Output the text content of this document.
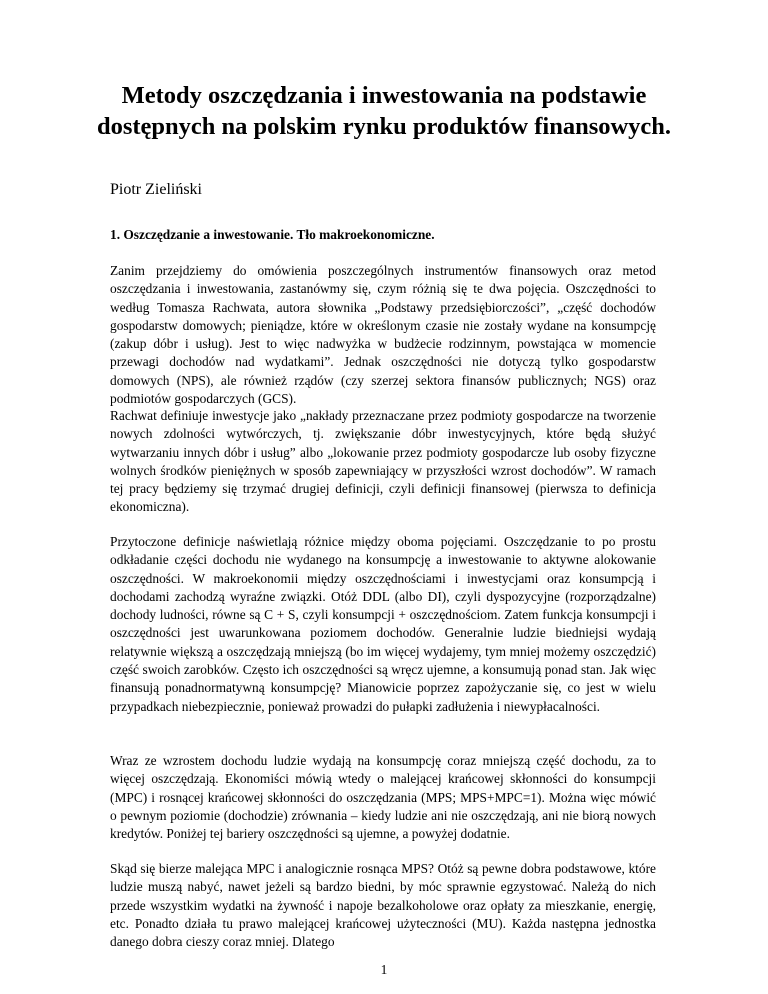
Metody oszczędzania i inwestowania na podstawie dostępnych na polskim rynku produktów finansowych.
Piotr Zieliński
1. Oszczędzanie a inwestowanie. Tło makroekonomiczne.

Zanim przejdziemy do omówienia poszczególnych instrumentów finansowych oraz metod oszczędzania i inwestowania, zastanówmy się, czym różnią się te dwa pojęcia. Oszczędności to według Tomasza Rachwata, autora słownika „Podstawy przedsiębiorczości”, „część dochodów gospodarstw domowych; pieniądze, które w określonym czasie nie zostały wydane na konsumpcję (zakup dóbr i usług). Jest to więc nadwyżka w budżecie rodzinnym, powstająca w momencie przewagi dochodów nad wydatkami”. Jednak oszczędności nie dotyczą tylko gospodarstw domowych (NPS), ale również rządów (czy szerzej sektora finansów publicznych; NGS) oraz podmiotów gospodarczych (GCS).

Rachwat definiuje inwestycje jako „nakłady przeznaczane przez podmioty gospodarcze na tworzenie nowych zdolności wytwórczych, tj. zwiększanie dóbr inwestycyjnych, które będą służyć wytwarzaniu innych dóbr i usług” albo „lokowanie przez podmioty gospodarcze lub osoby fizyczne wolnych środków pieniężnych w sposób zapewniający w przyszłości wzrost dochodów”. W ramach tej pracy będziemy się trzymać drugiej definicji, czyli definicji finansowej (pierwsza to definicja ekonomiczna).

Przytoczone definicje naświetlają różnice między oboma pojęciami. Oszczędzanie to po prostu odkładanie części dochodu nie wydanego na konsumpcję a inwestowanie to aktywne alokowanie oszczędności. W makroekonomii między oszczędnościami i inwestycjami oraz konsumpcją i dochodami zachodzą wyraźne związki. Otóż DDL (albo DI), czyli dyspozycyjne (rozporządzalne) dochody ludności, równe są C + S, czyli konsumpcji + oszczędnościom. Zatem funkcja konsumpcji i oszczędności jest uwarunkowana poziomem dochodów. Generalnie ludzie biedniejsi wydają relatywnie większą a oszczędzają mniejszą (bo im więcej wydajemy, tym mniej możemy oszczędzić) część swoich zarobków. Często ich oszczędności są wręcz ujemne, a konsumują ponad stan. Jak więc finansują ponadnormatywną konsumpcję? Mianowicie poprzez zapożyczanie się, co jest w wielu przypadkach niebezpiecznie, ponieważ prowadzi do pułapki zadłużenia i niewypłacalności.

Wraz ze wzrostem dochodu ludzie wydają na konsumpcję coraz mniejszą część dochodu, za to więcej oszczędzają. Ekonomiści mówią wtedy o malejącej krańcowej skłonności do konsumpcji (MPC) i rosnącej krańcowej skłonności do oszczędzania (MPS; MPS+MPC=1). Można więc mówić o pewnym poziomie (dochodzie) zrównania – kiedy ludzie ani nie oszczędzają, ani nie biorą nowych kredytów. Poniżej tej bariery oszczędności są ujemne, a powyżej dodatnie.

Skąd się bierze malejąca MPC i analogicznie rosnąca MPS? Otóż są pewne dobra podstawowe, które ludzie muszą nabyć, nawet jeżeli są bardzo biedni, by móc sprawnie egzystować. Należą do nich przede wszystkim wydatki na żywność i napoje bezalkoholowe oraz opłaty za mieszkanie, energię, etc. Ponadto działa tu prawo malejącej krańcowej użyteczności (MU). Każda następna jednostka danego dobra cieszy coraz mniej. Dlatego

1
